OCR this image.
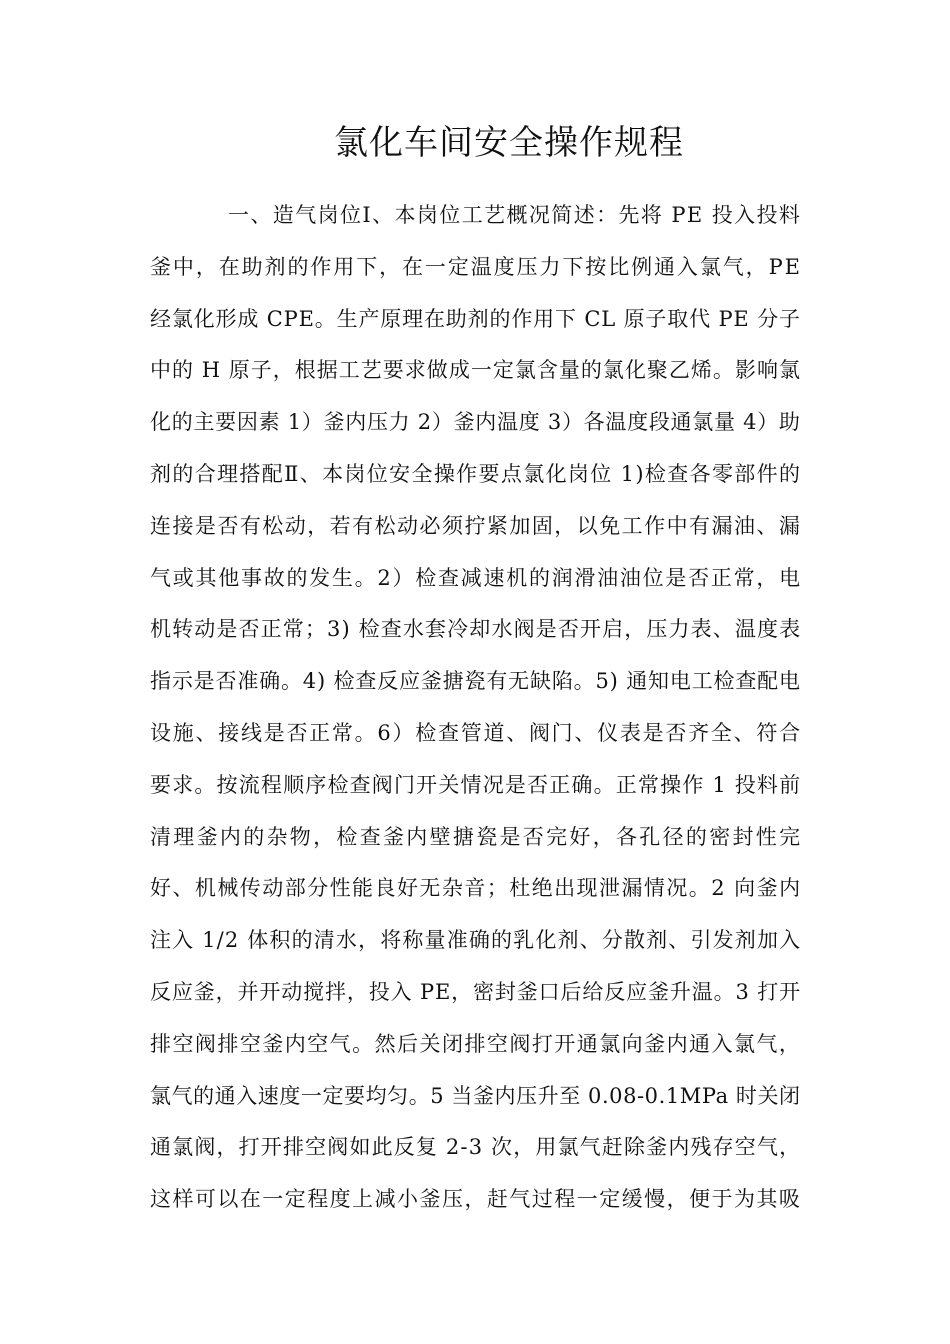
氯化车间安全操作规程
一、造气岗位Ⅰ、本岗位工艺概况简述：先将 PE 投入投料
釜中，在助剂的作用下，在一定温度压力下按比例通入氯气，PE
经氯化形成 CPE。生产原理在助剂的作用下 CL 原子取代 PE 分子
中的 H 原子，根据工艺要求做成一定氯含量的氯化聚乙烯。影响氯
化的主要因素 1）釜内压力 2）釜内温度 3）各温度段通氯量 4）助
剂的合理搭配Ⅱ、本岗位安全操作要点氯化岗位 1)检查各零部件的
连接是否有松动，若有松动必须拧紧加固，以免工作中有漏油、漏
气或其他事故的发生。2）检查减速机的润滑油油位是否正常，电
机转动是否正常；3) 检查水套冷却水阀是否开启，压力表、温度表
指示是否准确。4) 检查反应釜搪瓷有无缺陷。5) 通知电工检查配电
设施、接线是否正常。6）检查管道、阀门、仪表是否齐全、符合
要求。按流程顺序检查阀门开关情况是否正确。正常操作 1 投料前
清理釜内的杂物，检查釜内壁搪瓷是否完好，各孔径的密封性完
好、机械传动部分性能良好无杂音；杜绝出现泄漏情况。2 向釜内
注入 1/2 体积的清水，将称量准确的乳化剂、分散剂、引发剂加入
反应釜，并开动搅拌，投入 PE，密封釜口后给反应釜升温。3 打开
排空阀排空釜内空气。然后关闭排空阀打开通氯向釜内通入氯气，
氯气的通入速度一定要均匀。5 当釜内压升至 0.08-0.1MPa 时关闭
通氯阀，打开排空阀如此反复 2-3 次，用氯气赶除釜内残存空气，
这样可以在一定程度上减小釜压，赶气过程一定缓慢，便于为其吸
